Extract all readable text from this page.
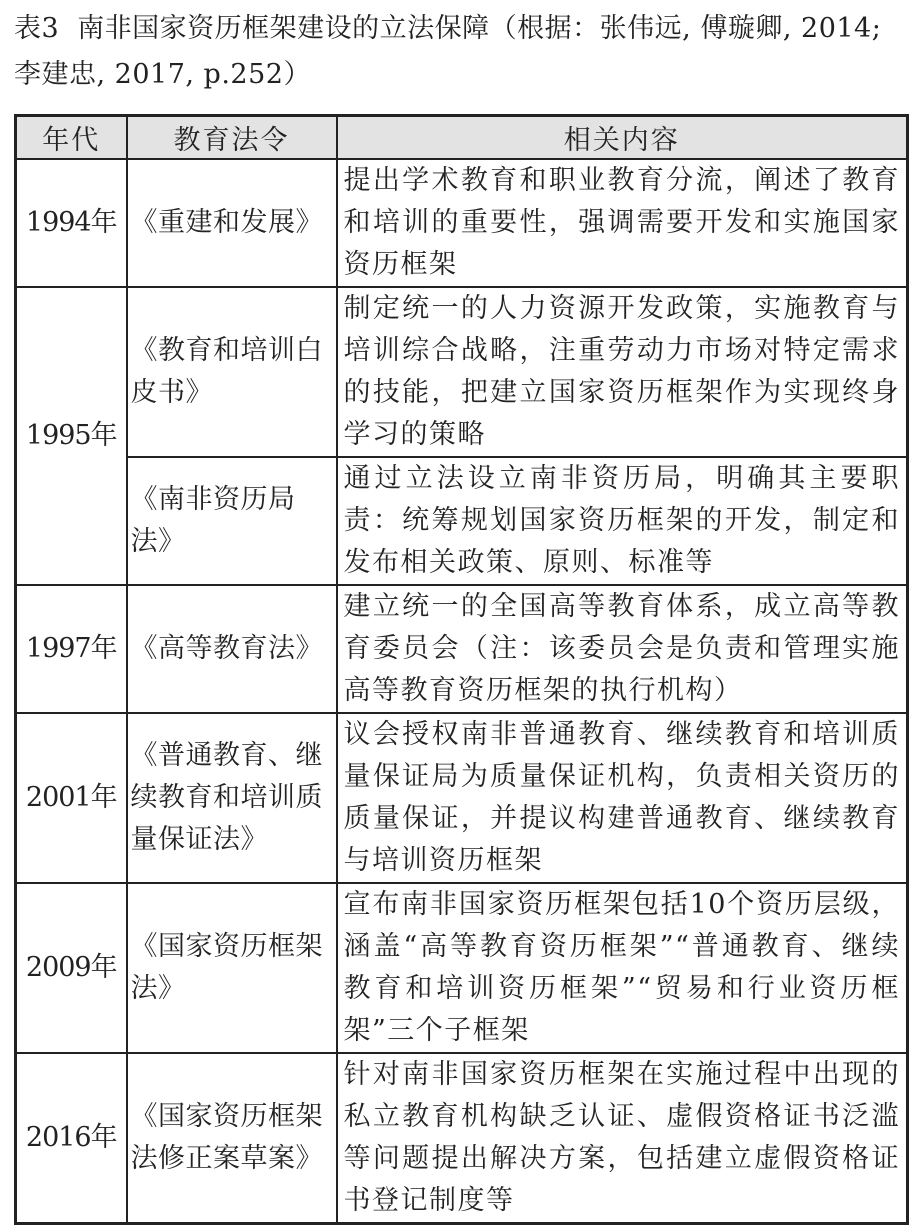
表3 南非国家资历框架建设的立法保障（根据：张伟远, 傅璇卿, 2014; 李建忠, 2017, p.252）
年代	教育法令	相关内容
1994年	《重建和发展》	提出学术教育和职业教育分流，阐述了教育和培训的重要性，强调需要开发和实施国家资历框架
1995年	《教育和培训白皮书》	制定统一的人力资源开发政策，实施教育与培训综合战略，注重劳动力市场对特定需求的技能，把建立国家资历框架作为实现终身学习的策略
	《南非资历局法》	通过立法设立南非资历局，明确其主要职责：统筹规划国家资历框架的开发，制定和发布相关政策、原则、标准等
1997年	《高等教育法》	建立统一的全国高等教育体系，成立高等教育委员会（注：该委员会是负责和管理实施高等教育资历框架的执行机构）
2001年	《普通教育、继续教育和培训质量保证法》	议会授权南非普通教育、继续教育和培训质量保证局为质量保证机构，负责相关资历的质量保证，并提议构建普通教育、继续教育与培训资历框架
2009年	《国家资历框架法》	宣布南非国家资历框架包括10个资历层级，涵盖“高等教育资历框架”“普通教育、继续教育和培训资历框架”“贸易和行业资历框架”三个子框架
2016年	《国家资历框架法修正案草案》	针对南非国家资历框架在实施过程中出现的私立教育机构缺乏认证、虚假资格证书泛滥等问题提出解决方案，包括建立虚假资格证书登记制度等
